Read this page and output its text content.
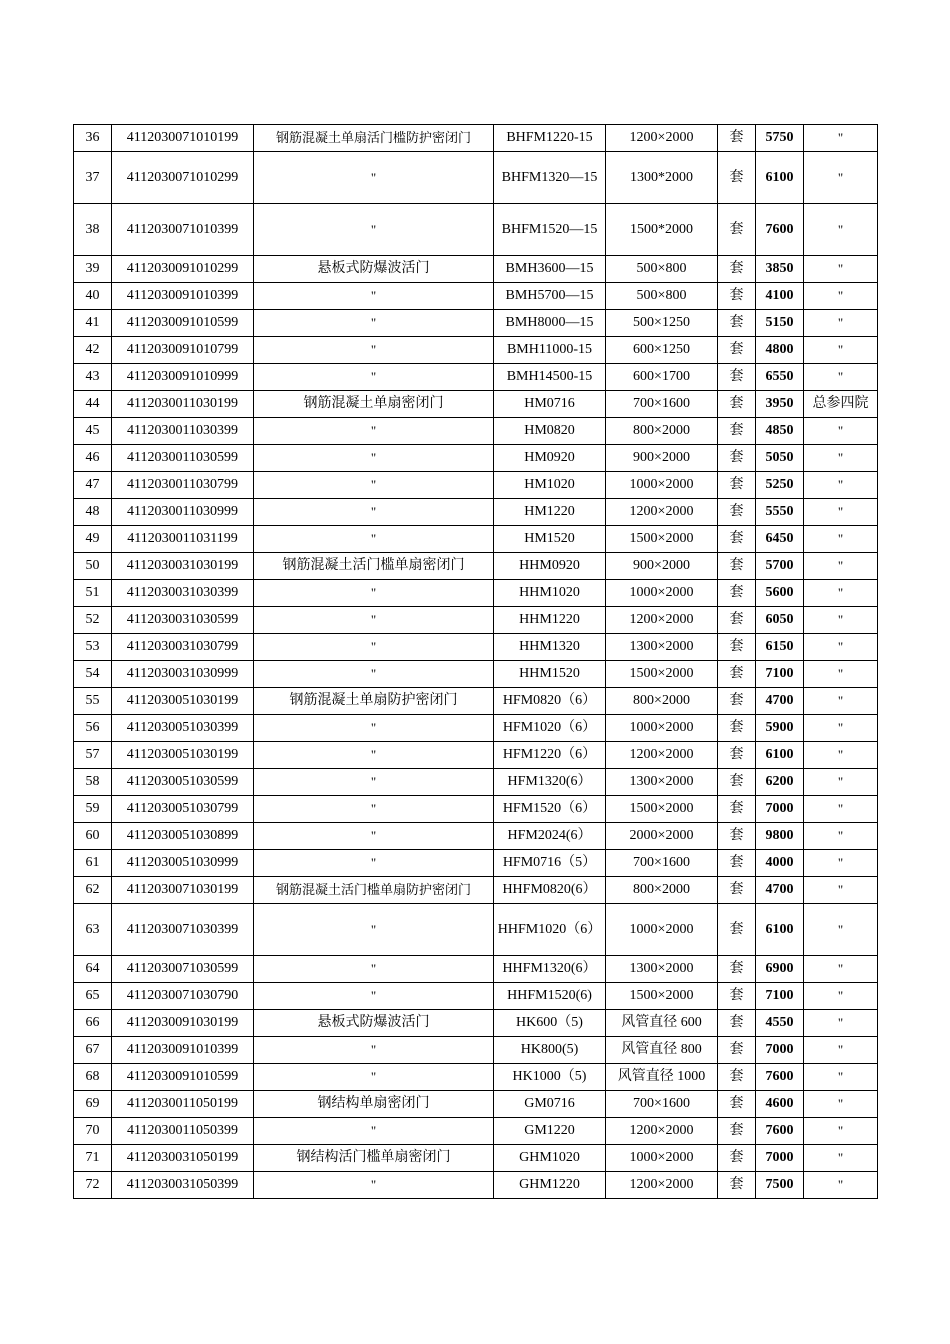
36	4112030071010199	钢筋混凝土单扇活门槛防护密闭门	BHFM1220-15	1200×2000	套	5750	"
37	4112030071010299	"	BHFM1320—15	1300*2000	套	6100	"
38	4112030071010399	"	BHFM1520—15	1500*2000	套	7600	"
39	4112030091010299	悬板式防爆波活门	BMH3600—15	500×800	套	3850	"
40	4112030091010399	"	BMH5700—15	500×800	套	4100	"
41	4112030091010599	"	BMH8000—15	500×1250	套	5150	"
42	4112030091010799	"	BMH11000-15	600×1250	套	4800	"
43	4112030091010999	"	BMH14500-15	600×1700	套	6550	"
44	4112030011030199	钢筋混凝土单扇密闭门	HM0716	700×1600	套	3950	总参四院
45	4112030011030399	"	HM0820	800×2000	套	4850	"
46	4112030011030599	"	HM0920	900×2000	套	5050	"
47	4112030011030799	"	HM1020	1000×2000	套	5250	"
48	4112030011030999	"	HM1220	1200×2000	套	5550	"
49	4112030011031199	"	HM1520	1500×2000	套	6450	"
50	4112030031030199	钢筋混凝土活门槛单扇密闭门	HHM0920	900×2000	套	5700	"
51	4112030031030399	"	HHM1020	1000×2000	套	5600	"
52	4112030031030599	"	HHM1220	1200×2000	套	6050	"
53	4112030031030799	"	HHM1320	1300×2000	套	6150	"
54	4112030031030999	"	HHM1520	1500×2000	套	7100	"
55	4112030051030199	钢筋混凝土单扇防护密闭门	HFM0820（6）	800×2000	套	4700	"
56	4112030051030399	"	HFM1020（6）	1000×2000	套	5900	"
57	4112030051030199	"	HFM1220（6）	1200×2000	套	6100	"
58	4112030051030599	"	HFM1320(6）	1300×2000	套	6200	"
59	4112030051030799	"	HFM1520（6）	1500×2000	套	7000	"
60	4112030051030899	"	HFM2024(6）	2000×2000	套	9800	"
61	4112030051030999	"	HFM0716（5）	700×1600	套	4000	"
62	4112030071030199	钢筋混凝土活门槛单扇防护密闭门	HHFM0820(6）	800×2000	套	4700	"
63	4112030071030399	"	HHFM1020（6）	1000×2000	套	6100	"
64	4112030071030599	"	HHFM1320(6）	1300×2000	套	6900	"
65	4112030071030790	"	HHFM1520(6)	1500×2000	套	7100	"
66	4112030091030199	悬板式防爆波活门	HK600（5)	风管直径 600	套	4550	"
67	4112030091010399	"	HK800(5)	风管直径 800	套	7000	"
68	4112030091010599	"	HK1000（5)	风管直径 1000	套	7600	"
69	4112030011050199	钢结构单扇密闭门	GM0716	700×1600	套	4600	"
70	4112030011050399	"	GM1220	1200×2000	套	7600	"
71	4112030031050199	钢结构活门槛单扇密闭门	GHM1020	1000×2000	套	7000	"
72	4112030031050399	"	GHM1220	1200×2000	套	7500	"
